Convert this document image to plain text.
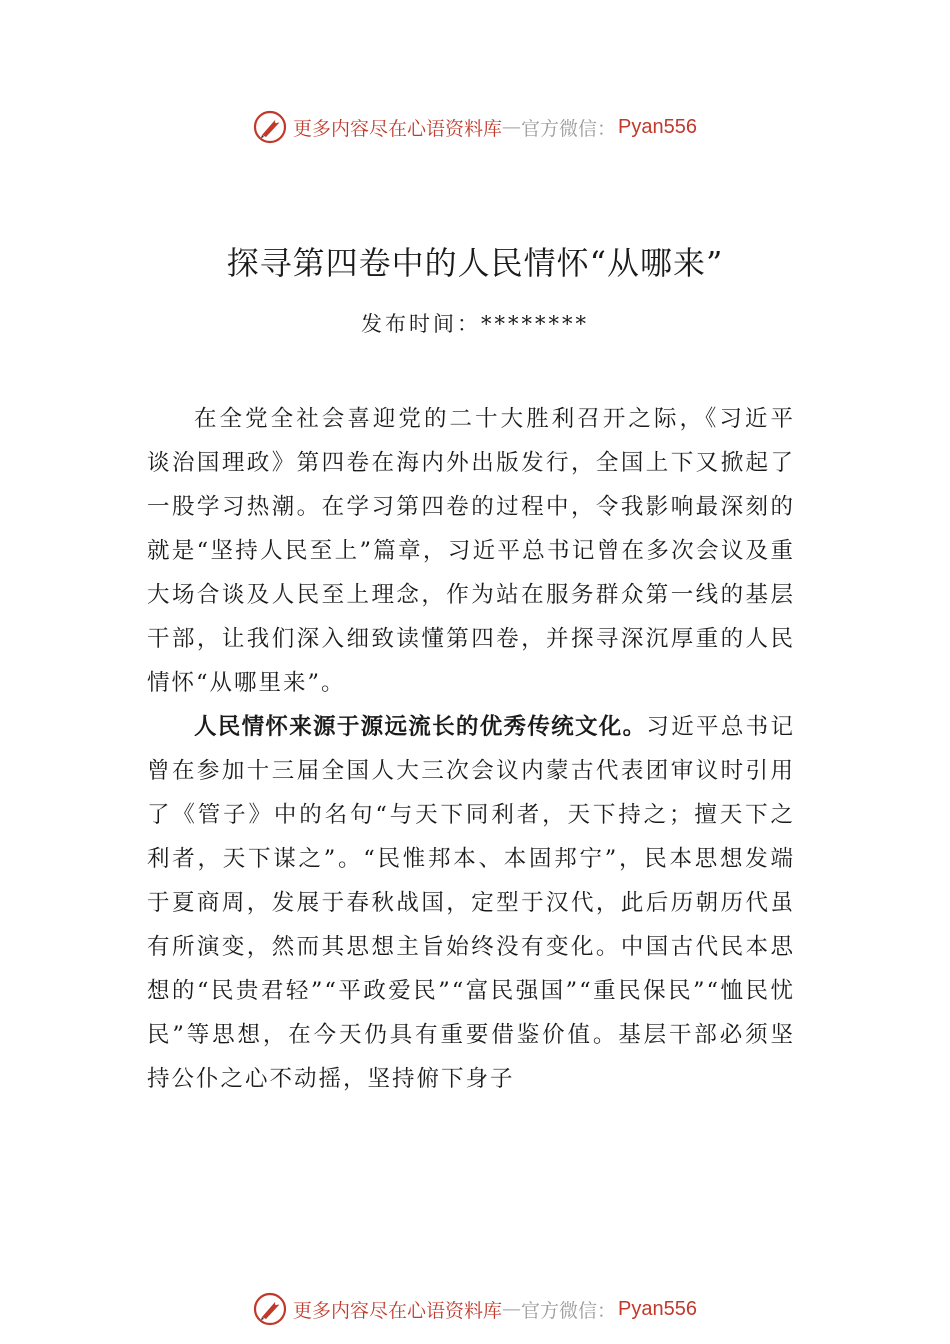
更多内容尽在心语资料库 — 官方微信： Pyan556
探寻第四卷中的人民情怀“从哪来”
发布时间：********

在全党全社会喜迎党的二十大胜利召开之际，《习近平谈治国理政》第四卷在海内外出版发行，全国上下又掀起了一股学习热潮。在学习第四卷的过程中，令我影响最深刻的就是“坚持人民至上”篇章，习近平总书记曾在多次会议及重大场合谈及人民至上理念，作为站在服务群众第一线的基层干部，让我们深入细致读懂第四卷，并探寻深沉厚重的人民情怀“从哪里来”。

人民情怀来源于源远流长的优秀传统文化。习近平总书记曾在参加十三届全国人大三次会议内蒙古代表团审议时引用了《管子》中的名句“与天下同利者，天下持之；擅天下之利者，天下谋之”。“民惟邦本、本固邦宁”，民本思想发端于夏商周，发展于春秋战国，定型于汉代，此后历朝历代虽有所演变，然而其思想主旨始终没有变化。中国古代民本思想的“民贵君轻”“平政爱民”“富民强国”“重民保民”“恤民忧民”等思想，在今天仍具有重要借鉴价值。基层干部必须坚持公仆之心不动摇，坚持俯下身子

更多内容尽在心语资料库 — 官方微信： Pyan556
